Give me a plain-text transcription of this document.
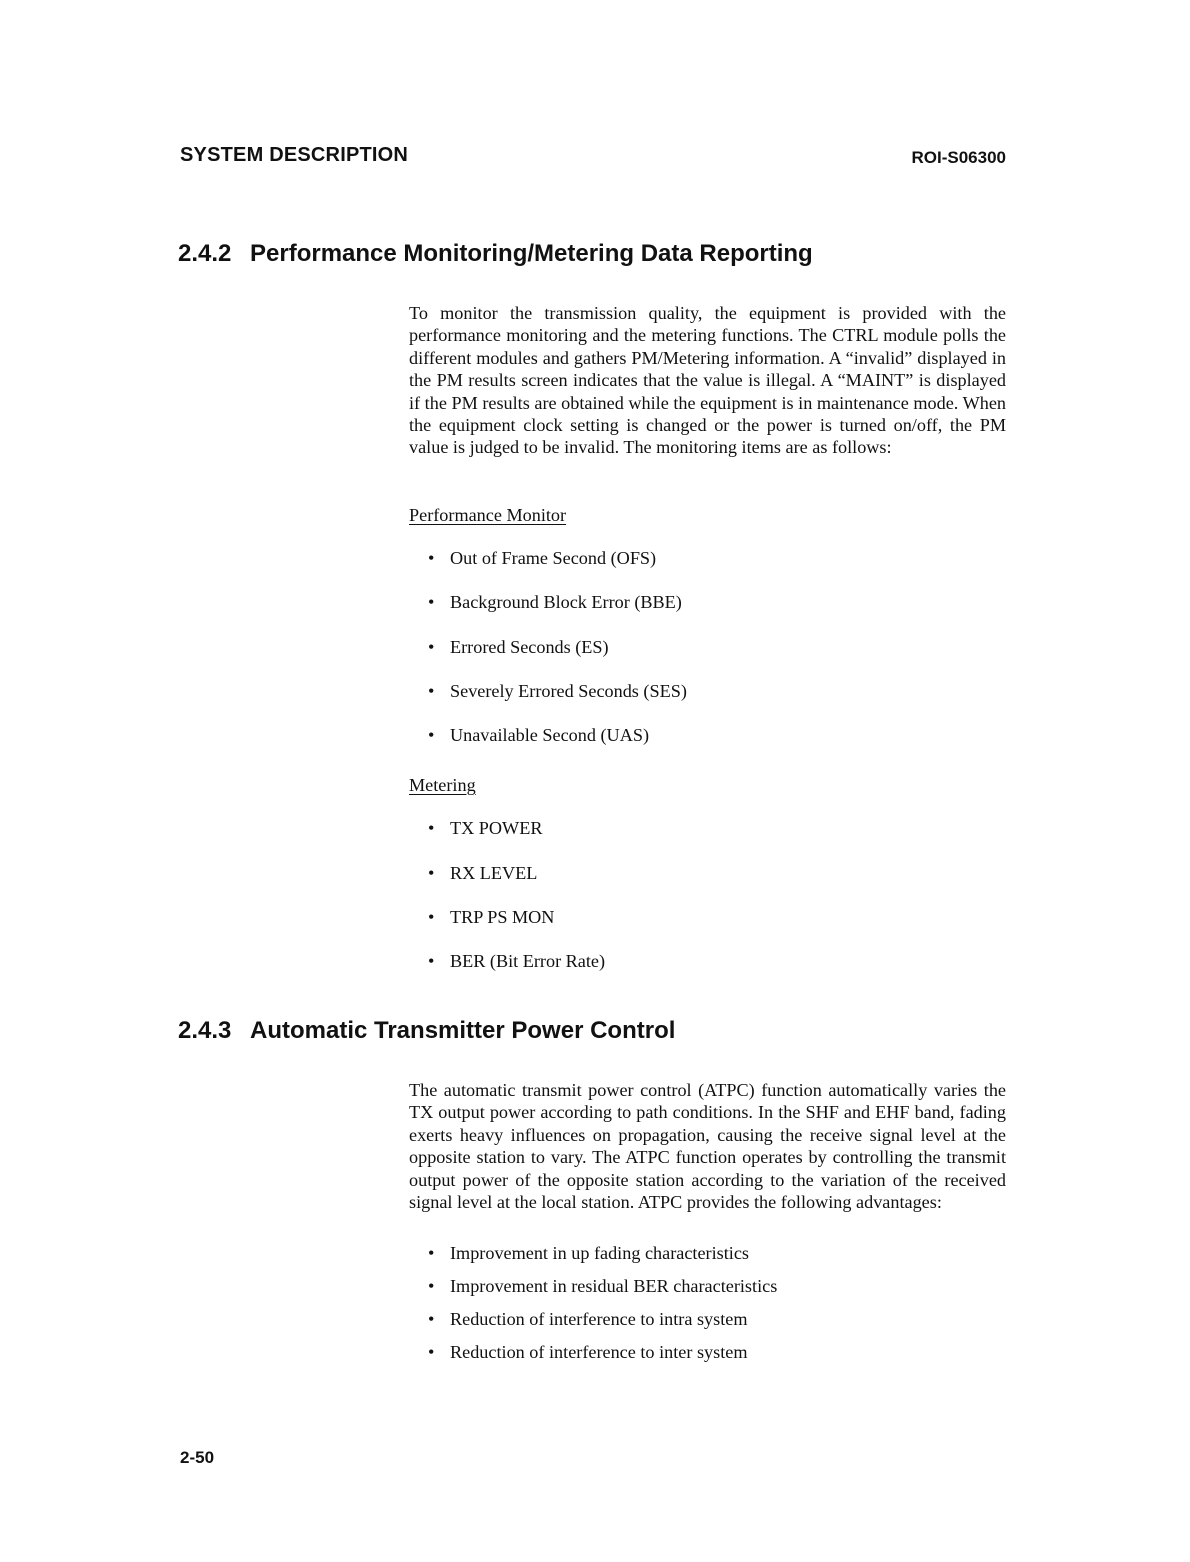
SYSTEM DESCRIPTION	ROI-S06300
2.4.2 Performance Monitoring/Metering Data Reporting
To monitor the transmission quality, the equipment is provided with the performance monitoring and the metering functions. The CTRL module polls the different modules and gathers PM/Metering information. A “invalid” displayed in the PM results screen indicates that the value is illegal. A “MAINT” is displayed if the PM results are obtained while the equipment is in maintenance mode. When the equipment clock setting is changed or the power is turned on/off, the PM value is judged to be invalid. The monitoring items are as follows:
Performance Monitor
• Out of Frame Second (OFS)
• Background Block Error (BBE)
• Errored Seconds (ES)
• Severely Errored Seconds (SES)
• Unavailable Second (UAS)
Metering
• TX POWER
• RX LEVEL
• TRP PS MON
• BER (Bit Error Rate)
2.4.3 Automatic Transmitter Power Control
The automatic transmit power control (ATPC) function automatically varies the TX output power according to path conditions. In the SHF and EHF band, fading exerts heavy influences on propagation, causing the receive signal level at the opposite station to vary. The ATPC function operates by controlling the transmit output power of the opposite station according to the variation of the received signal level at the local station. ATPC provides the following advantages:
• Improvement in up fading characteristics
• Improvement in residual BER characteristics
• Reduction of interference to intra system
• Reduction of interference to inter system
2-50
